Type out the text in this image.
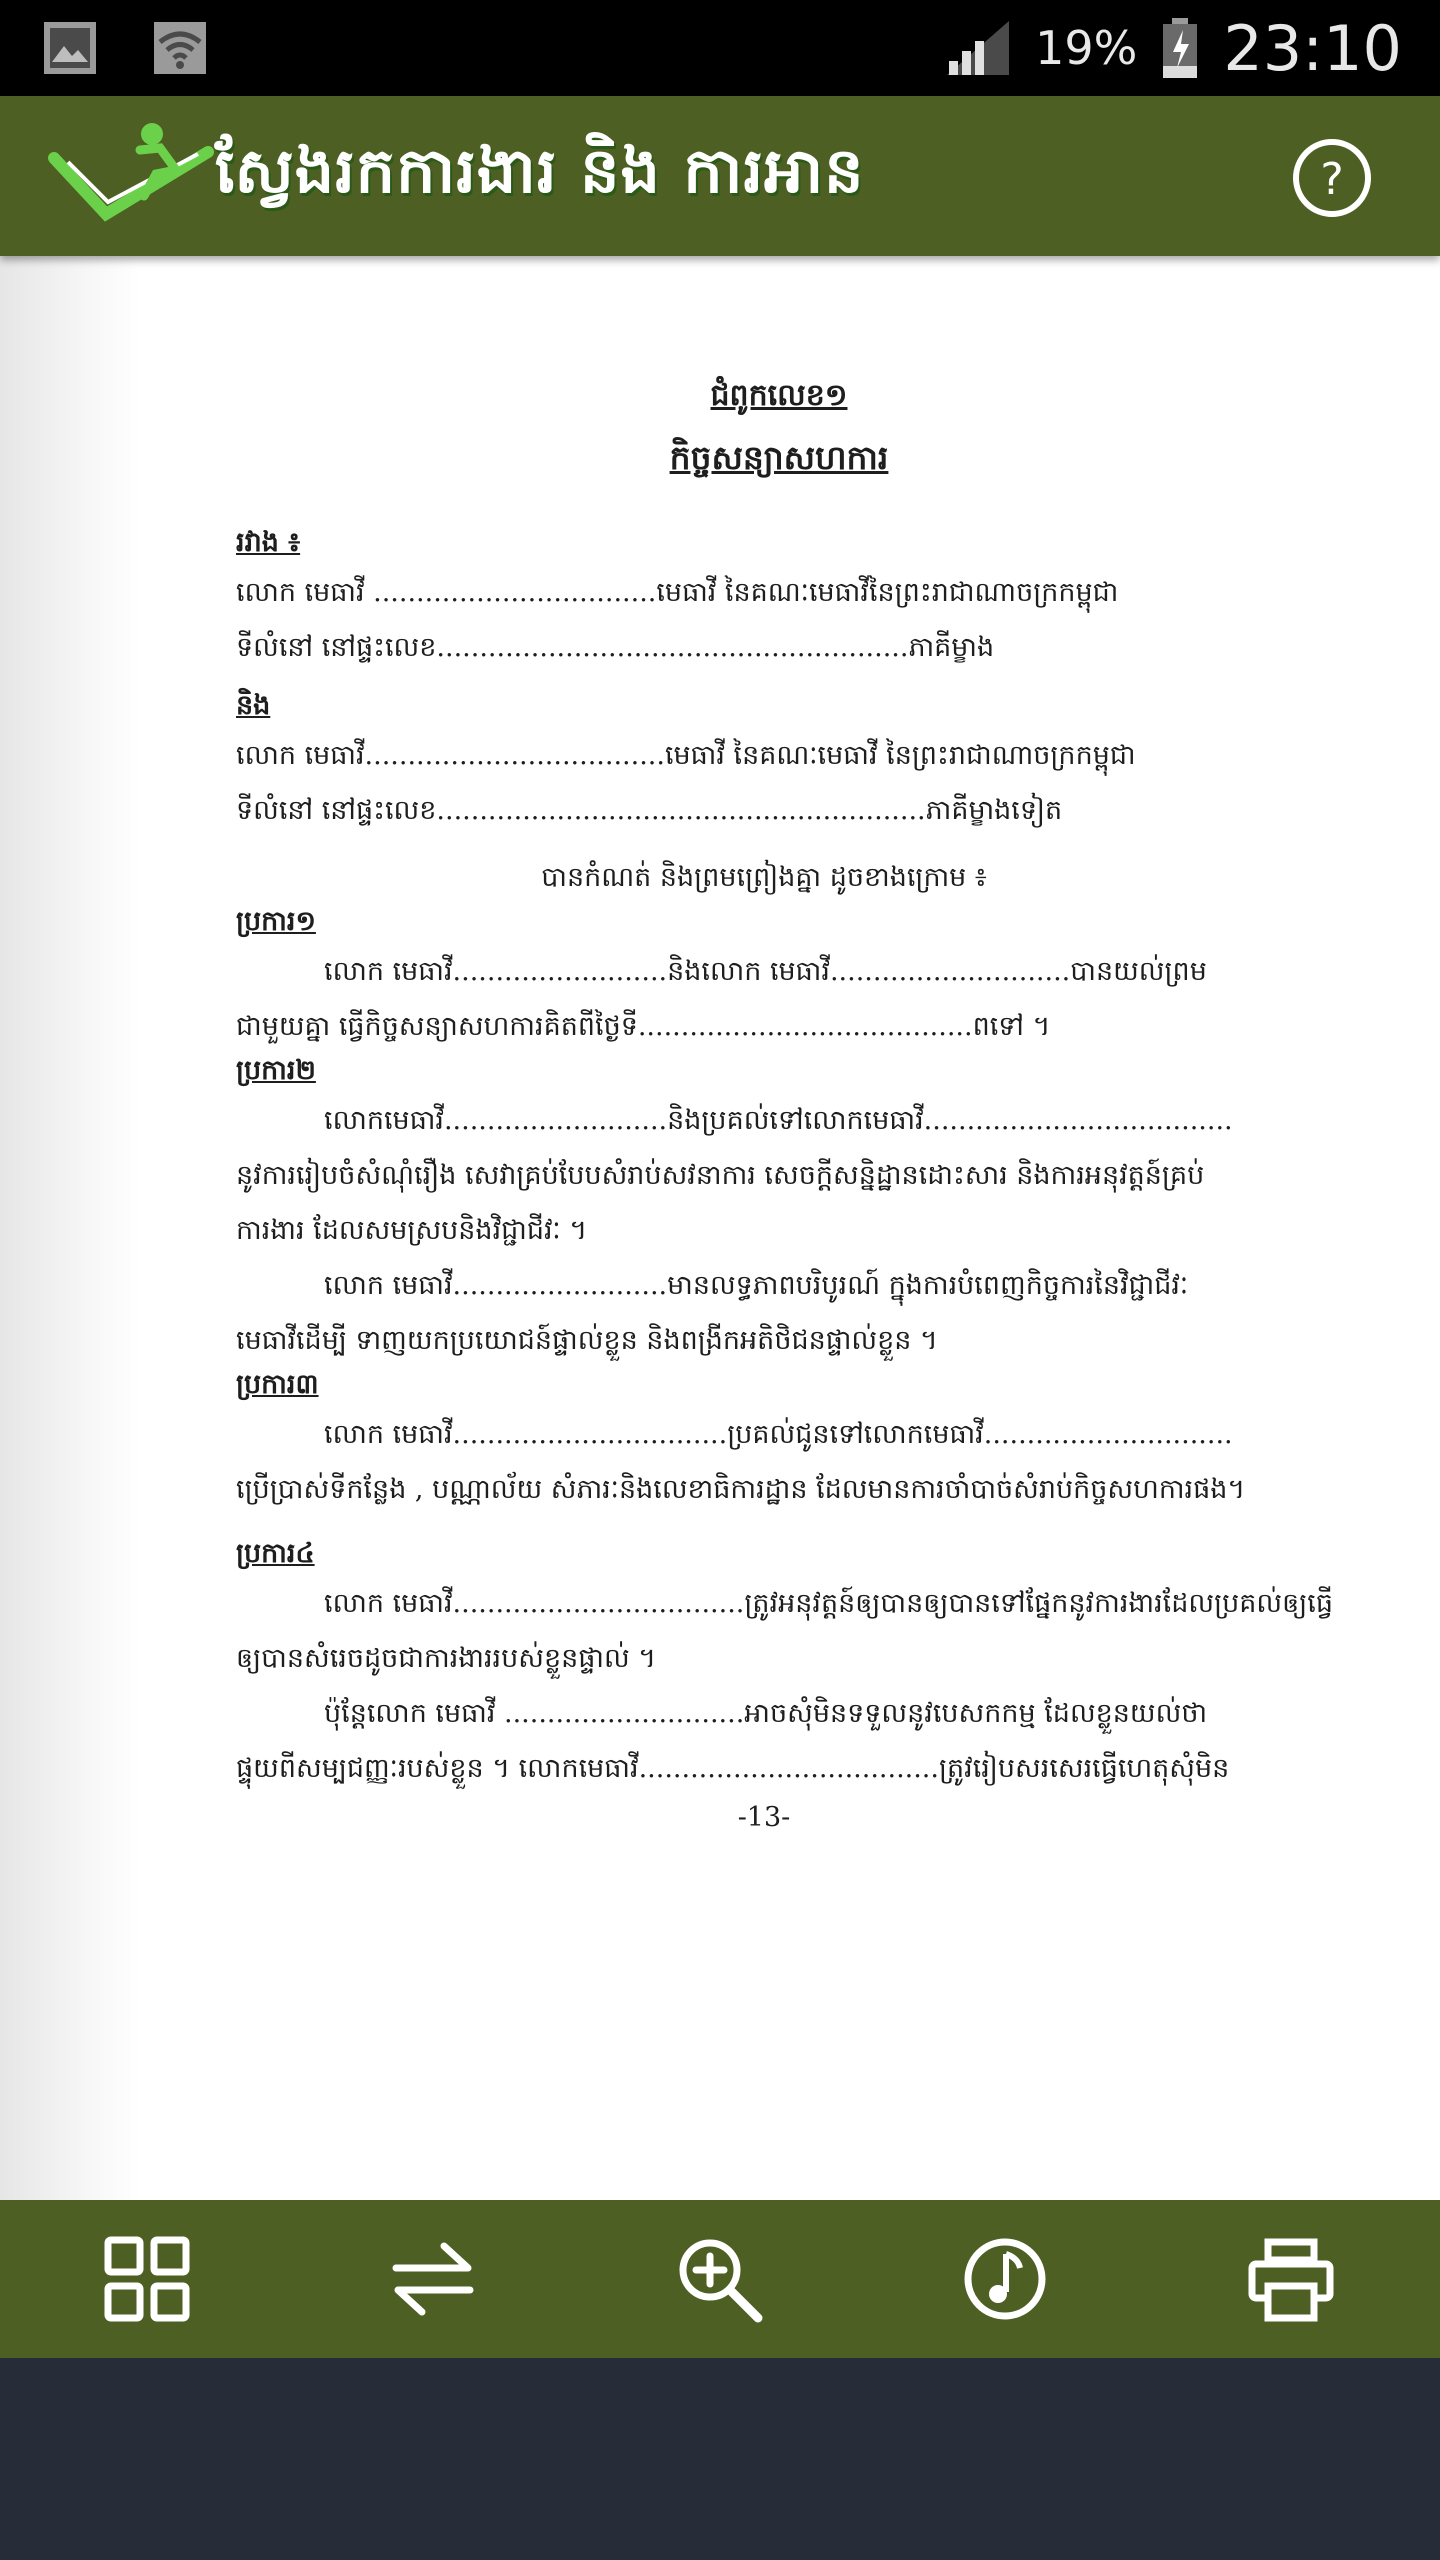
19% 23:10
ស្វែងរកការងារ និង ការអាន	?
ជំពូកលេខ១
កិច្ចសន្យាសហការ
រវាង ៖
លោក មេធាវី .................................មេធាវី នៃគណៈមេធាវីនៃព្រះរាជាណាចក្រកម្ពុជា
ទីលំនៅ នៅផ្ទះលេខ.......................................................ភាគីម្ខាង
និង
លោក មេធាវី...................................មេធាវី នៃគណៈមេធាវី នៃព្រះរាជាណាចក្រកម្ពុជា
ទីលំនៅ នៅផ្ទះលេខ.........................................................ភាគីម្ខាងទៀត
បានកំណត់ និងព្រមព្រៀងគ្នា ដូចខាងក្រោម ៖
ប្រការ១
លោក មេធាវី.........................និងលោក មេធាវី............................បានយល់ព្រម
ជាមួយគ្នា ធ្វើកិច្ចសន្យាសហការគិតពីថ្ងៃទី.......................................ពទៅ ។
ប្រការ២
លោកមេធាវី..........................និងប្រគល់ទៅលោកមេធាវី....................................
នូវការរៀបចំសំណុំរឿង សេវាគ្រប់បែបសំរាប់សវនាការ សេចក្តីសន្និដ្ឋានដោះសារ និងការអនុវត្តន៍គ្រប់
ការងារ ដែលសមស្របនិងវិជ្ជាជីវៈ ។
លោក មេធាវី.........................មានលទ្ធភាពបរិបូរណ៍ ក្នុងការបំពេញកិច្ចការនៃវិជ្ជាជីវៈ
មេធាវីដើម្បី ទាញយកប្រយោជន៍ផ្ទាល់ខ្លួន និងពង្រីកអតិថិជនផ្ទាល់ខ្លួន ។
ប្រការ៣
លោក មេធាវី................................ប្រគល់ជូនទៅលោកមេធាវី.............................
ប្រើប្រាស់ទីកន្លែង , បណ្ណាល័យ សំភារៈនិងលេខាធិការដ្ឋាន ដែលមានការចាំបាច់សំរាប់កិច្ចសហការផង។
ប្រការ៤
លោក មេធាវី..................................ត្រូវអនុវត្តន៍ឲ្យបានឲ្យបានទៅផ្នែកនូវការងារដែលប្រគល់ឲ្យធ្វើ
ឲ្យបានសំរេចដូចជាការងាររបស់ខ្លួនផ្ទាល់ ។
ប៉ុន្តែលោក មេធាវី ............................អាចសុំមិនទទួលនូវបេសកកម្ម ដែលខ្លួនយល់ថា
ផ្ទុយពីសម្បជញ្ញៈរបស់ខ្លួន ។ លោកមេធាវី...................................ត្រូវរៀបសរសេរធ្វើហេតុសុំមិន
-13-
